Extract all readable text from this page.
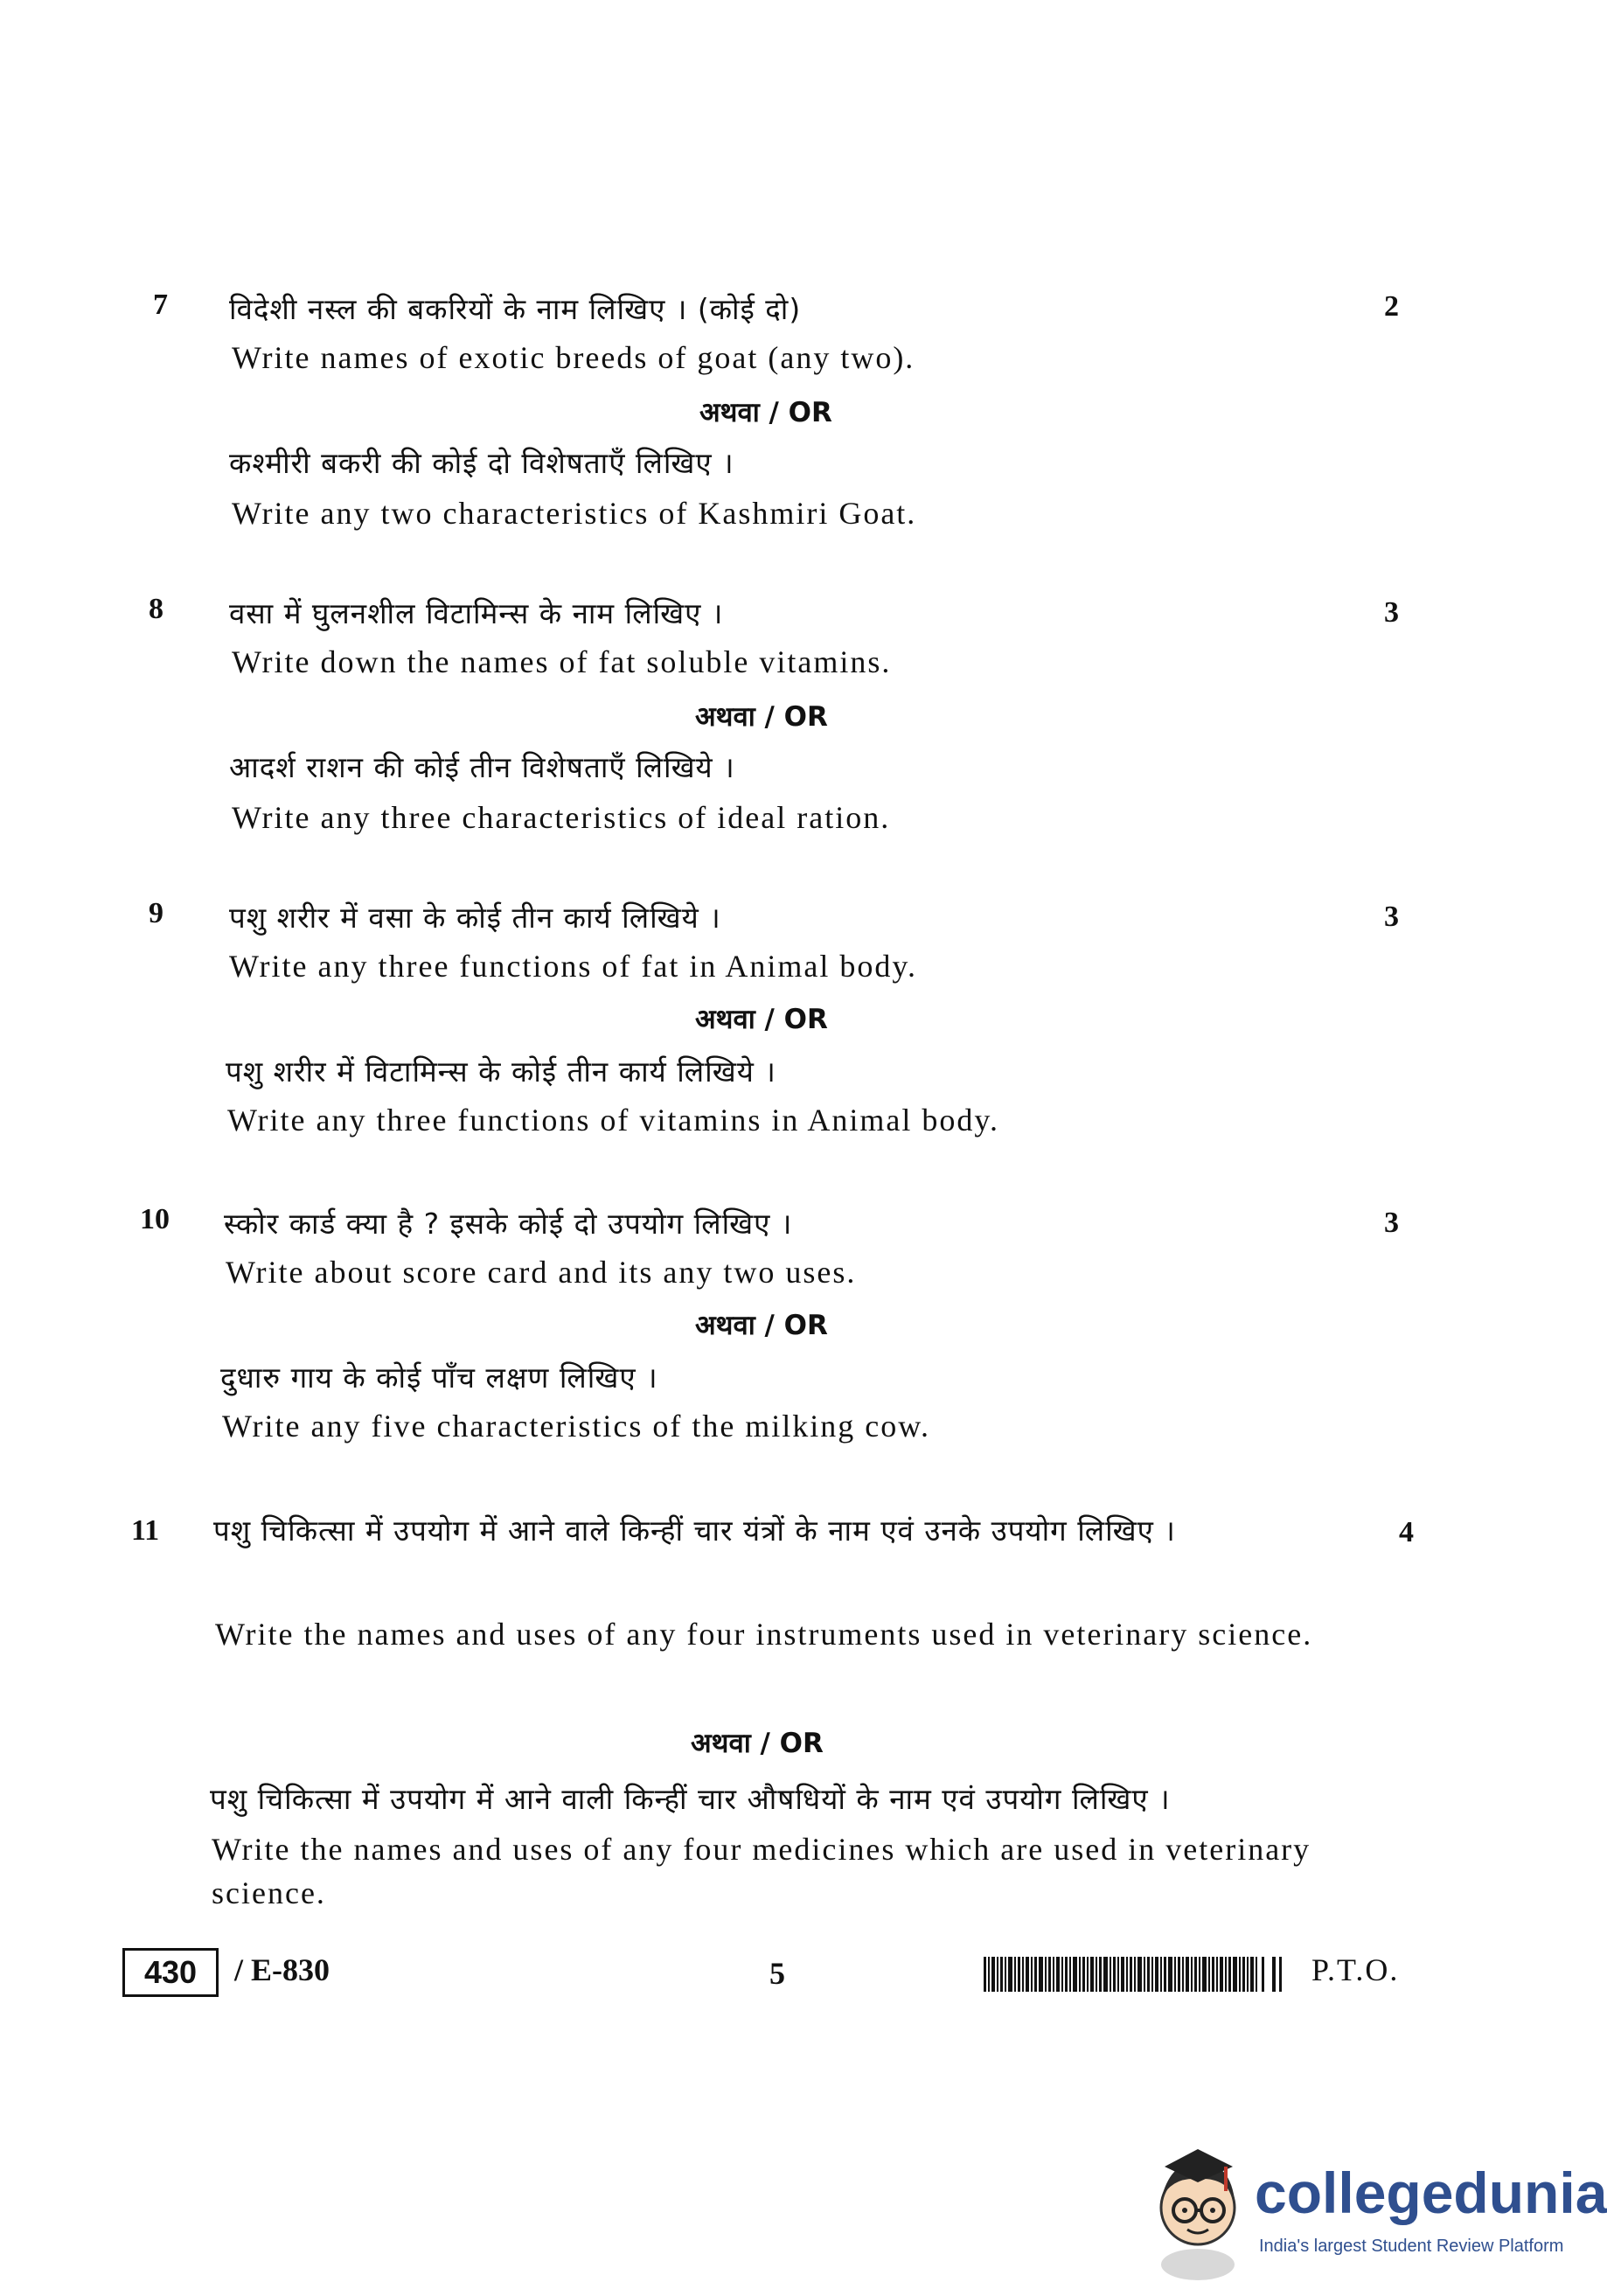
7 विदेशी नस्ल की बकरियों के नाम लिखिए । (कोई दो)	2
Write names of exotic breeds of goat (any two).
अथवा / OR
कश्मीरी बकरी की कोई दो विशेषताएँ लिखिए ।
Write any two characteristics of Kashmiri Goat.
8 वसा में घुलनशील विटामिन्स के नाम लिखिए ।	3
Write down the names of fat soluble vitamins.
अथवा / OR
आदर्श राशन की कोई तीन विशेषताएँ लिखिये ।
Write any three characteristics of ideal ration.
9 पशु शरीर में वसा के कोई तीन कार्य लिखिये ।	3
Write any three functions of fat in Animal body.
अथवा / OR
पशु शरीर में विटामिन्स के कोई तीन कार्य लिखिये ।
Write any three functions of vitamins in Animal body.
10 स्कोर कार्ड क्या है ? इसके कोई दो उपयोग लिखिए ।	3
Write about score card and its any two uses.
अथवा / OR
दुधारु गाय के कोई पाँच लक्षण लिखिए ।
Write any five characteristics of the milking cow.
11 पशु चिकित्सा में उपयोग में आने वाले किन्हीं चार यंत्रों के नाम एवं उनके उपयोग लिखिए ।	4
Write the names and uses of any four instruments used in veterinary science.
अथवा / OR
पशु चिकित्सा में उपयोग में आने वाली किन्हीं चार औषधियों के नाम एवं उपयोग लिखिए ।
Write the names and uses of any four medicines which are used in veterinary science.
430	/ E-830	5	P.T.O.
collegedunia
India's largest Student Review Platform
